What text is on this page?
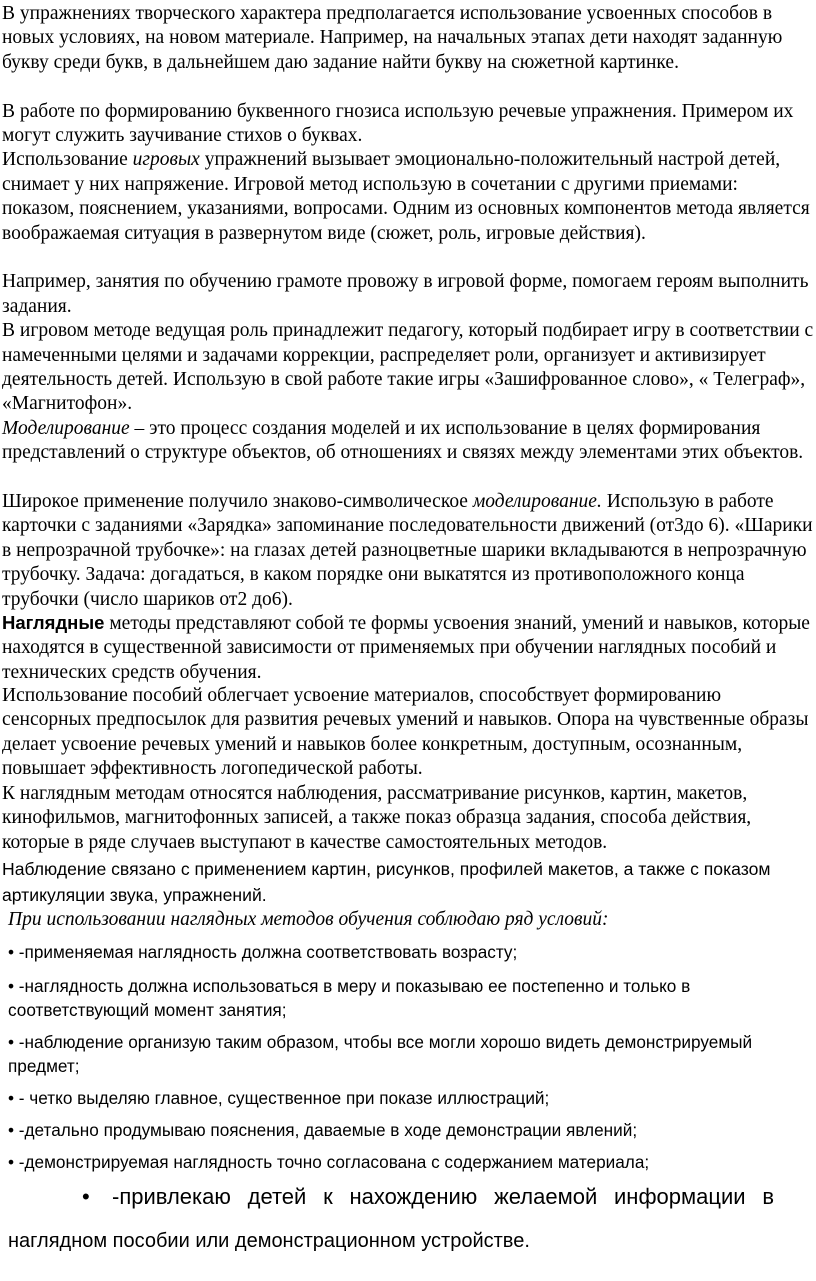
В упражнениях творческого характера предполагается использование усвоенных способов в новых условиях, на новом материале. Например, на начальных этапах дети находят заданную букву среди букв, в дальнейшем даю задание найти букву на сюжетной картинке.

В работе по формированию буквенного гнозиса использую речевые упражнения. Примером их могут служить заучивание стихов о буквах.

Использование игровых упражнений вызывает эмоционально-положительный настрой детей, снимает у них напряжение. Игровой метод использую в сочетании с другими приемами: показом, пояснением, указаниями, вопросами. Одним из основных компонентов метода является воображаемая ситуация в развернутом виде (сюжет, роль, игровые действия).

Например, занятия по обучению грамоте провожу в игровой форме, помогаем героям выполнить задания.

В игровом методе ведущая роль принадлежит педагогу, который подбирает игру в соответствии с намеченными целями и задачами коррекции, распределяет роли, организует и активизирует деятельность детей. Использую в свой работе такие игры «Зашифрованное слово», « Телеграф», «Магнитофон».

Моделирование – это процесс создания моделей и их использование в целях формирования представлений о структуре объектов, об отношениях и связях между элементами этих объектов.

Широкое применение получило знаково-символическое моделирование. Использую в работе карточки с заданиями «Зарядка» запоминание последовательности движений (от3до 6). «Шарики в непрозрачной трубочке»: на глазах детей разноцветные шарики вкладываются в непрозрачную трубочку. Задача: догадаться, в каком порядке они выкатятся из противоположного конца трубочки (число шариков от2 до6).

Наглядные методы представляют собой те формы усвоения знаний, умений и навыков, которые находятся в существенной зависимости от применяемых при обучении наглядных пособий и технических средств обучения.

Использование пособий облегчает усвоение материалов, способствует формированию сенсорных предпосылок для развития речевых умений и навыков. Опора на чувственные образы делает усвоение речевых умений и навыков более конкретным, доступным, осознанным, повышает эффективность логопедической работы.

К наглядным методам относятся наблюдения, рассматривание рисунков, картин, макетов, кинофильмов, магнитофонных записей, а также показ образца задания, способа действия, которые в ряде случаев выступают в качестве самостоятельных методов.

Наблюдение связано с применением картин, рисунков, профилей макетов, а также с показом артикуляции звука, упражнений.

При использовании наглядных методов обучения соблюдаю ряд условий:

• -применяемая наглядность должна соответствовать возрасту;

• -наглядность должна использоваться в меру и показываю ее постепенно и только в соответствующий момент занятия;

• -наблюдение организую таким образом, чтобы все могли хорошо видеть демонстрируемый предмет;

• - четко выделяю главное, существенное при показе иллюстраций;

• -детально продумываю пояснения, даваемые в ходе демонстрации явлений;

• -демонстрируемая наглядность точно согласована с содержанием материала;

• -привлекаю детей к нахождению желаемой информации в

наглядном пособии или демонстрационном устройстве.
